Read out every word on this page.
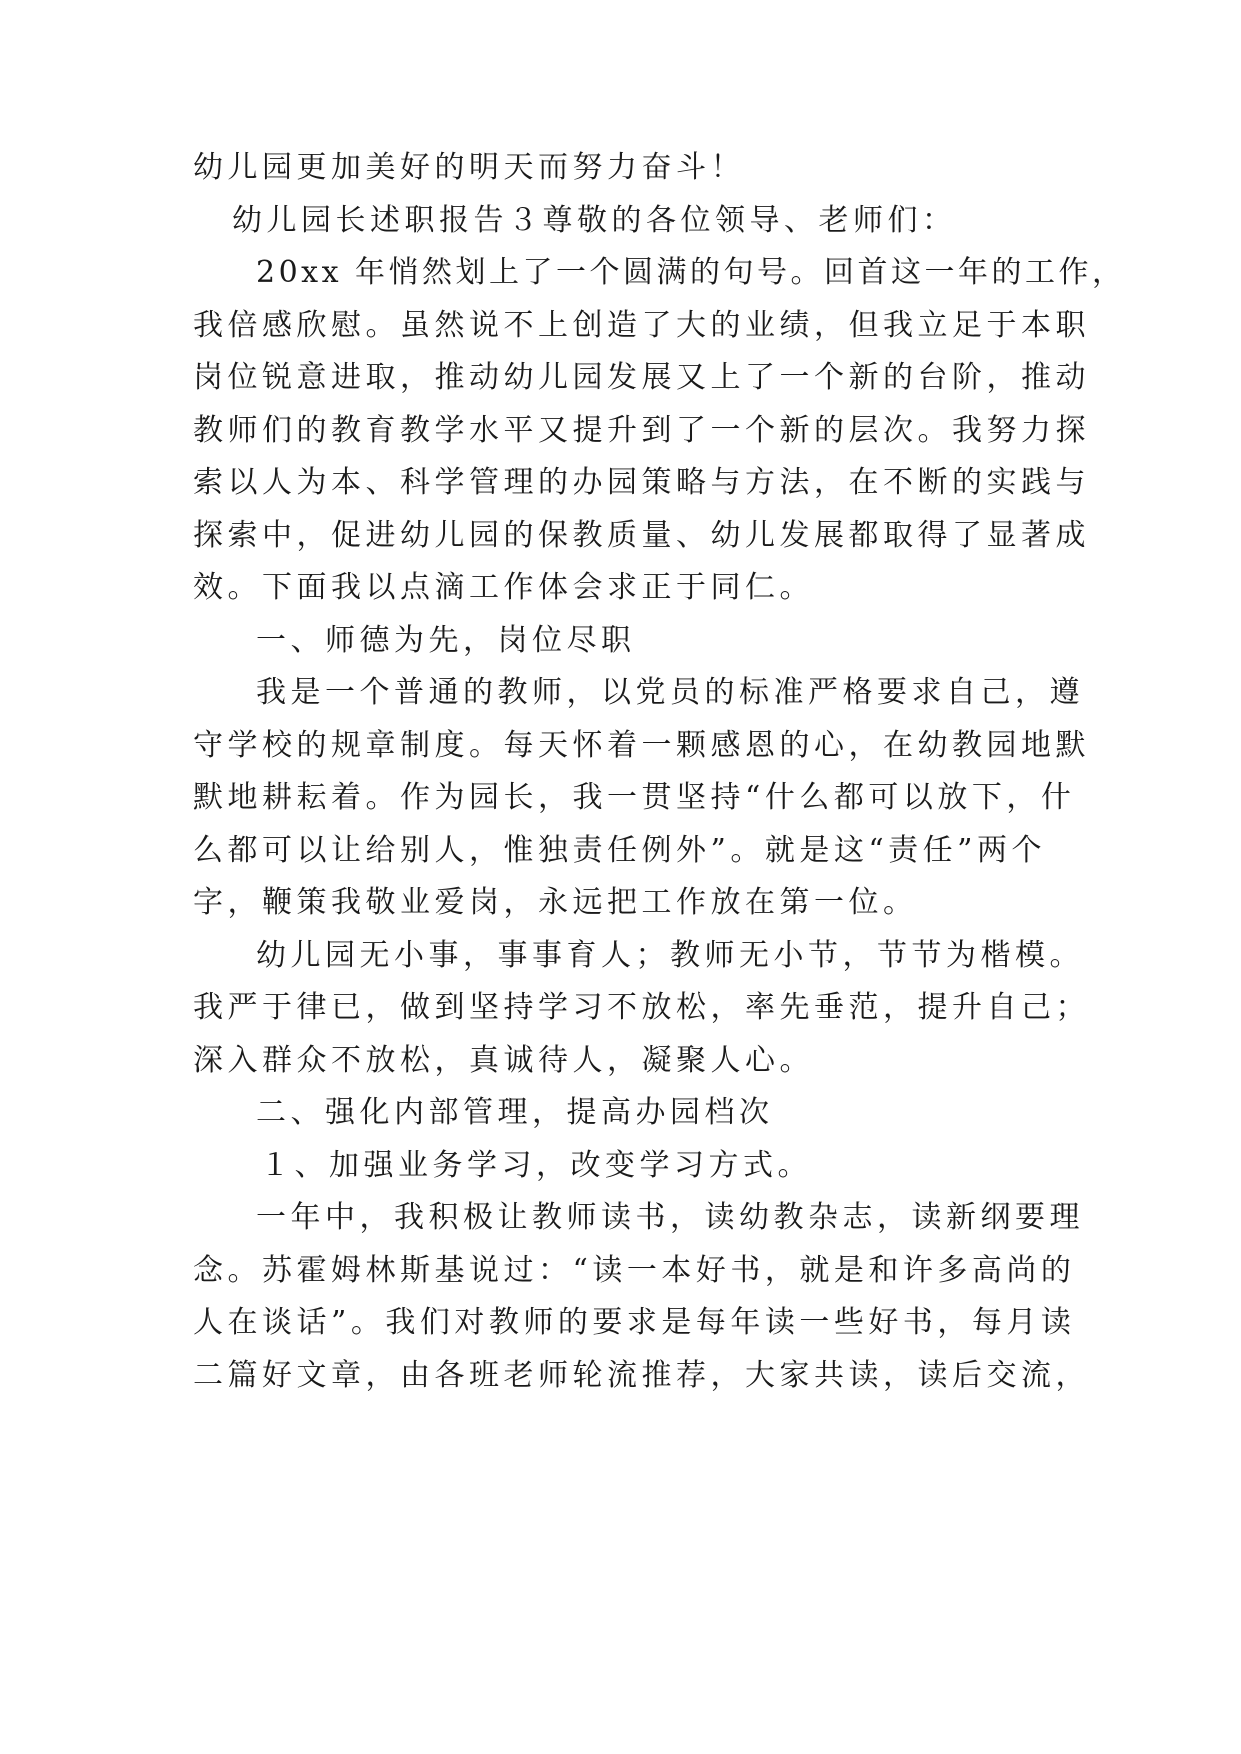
幼儿园更加美好的明天而努力奋斗！
幼儿园长述职报告３尊敬的各位领导、老师们：
20xx 年悄然划上了一个圆满的句号。回首这一年的工作，
我倍感欣慰。虽然说不上创造了大的业绩，但我立足于本职
岗位锐意进取，推动幼儿园发展又上了一个新的台阶，推动
教师们的教育教学水平又提升到了一个新的层次。我努力探
索以人为本、科学管理的办园策略与方法，在不断的实践与
探索中，促进幼儿园的保教质量、幼儿发展都取得了显著成
效。下面我以点滴工作体会求正于同仁。
一、师德为先，岗位尽职
我是一个普通的教师，以党员的标准严格要求自己，遵
守学校的规章制度。每天怀着一颗感恩的心，在幼教园地默
默地耕耘着。作为园长，我一贯坚持“什么都可以放下，什
么都可以让给别人，惟独责任例外”。就是这“责任”两个
字，鞭策我敬业爱岗，永远把工作放在第一位。
幼儿园无小事，事事育人；教师无小节，节节为楷模。
我严于律已，做到坚持学习不放松，率先垂范，提升自己；
深入群众不放松，真诚待人，凝聚人心。
二、强化内部管理，提高办园档次
１、加强业务学习，改变学习方式。
一年中，我积极让教师读书，读幼教杂志，读新纲要理
念。苏霍姆林斯基说过：“读一本好书，就是和许多高尚的
人在谈话”。我们对教师的要求是每年读一些好书，每月读
二篇好文章，由各班老师轮流推荐，大家共读，读后交流，
